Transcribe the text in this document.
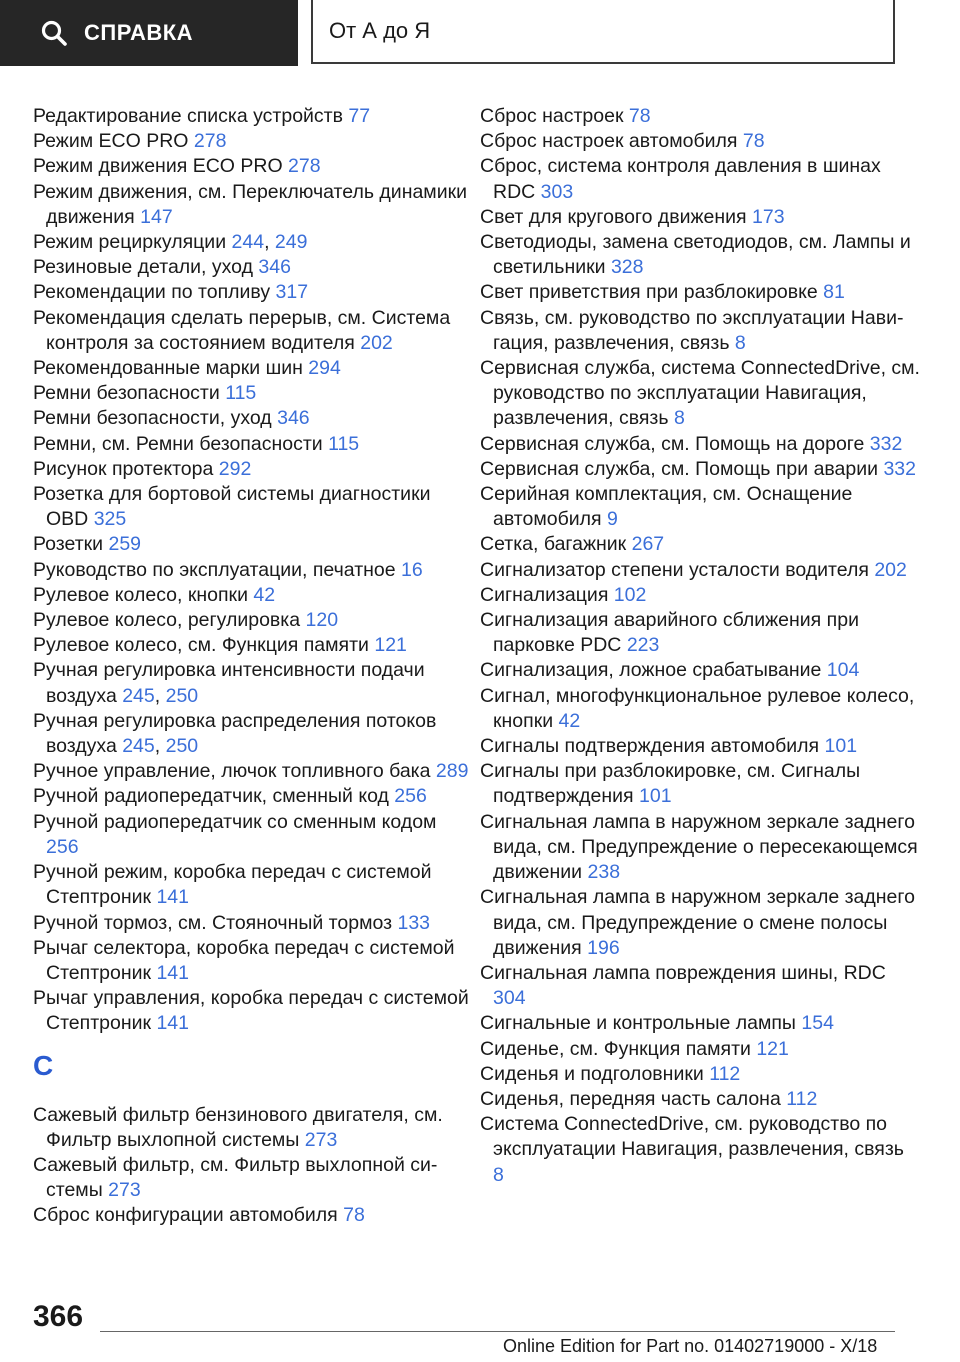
СПРАВКА	От А до Я
Редактирование списка устройств 77
Режим ECO PRO 278
Режим движения ECO PRO 278
Режим движения, см. Переключатель динамики движения 147
Режим рециркуляции 244, 249
Резиновые детали, уход 346
Рекомендации по топливу 317
Рекомендация сделать перерыв, см. Система контроля за состоянием водителя 202
Рекомендованные марки шин 294
Ремни безопасности 115
Ремни безопасности, уход 346
Ремни, см. Ремни безопасности 115
Рисунок протектора 292
Розетка для бортовой системы диагностики OBD 325
Розетки 259
Руководство по эксплуатации, печатное 16
Рулевое колесо, кнопки 42
Рулевое колесо, регулировка 120
Рулевое колесо, см. Функция памяти 121
Ручная регулировка интенсивности подачи воздуха 245, 250
Ручная регулировка распределения потоков воздуха 245, 250
Ручное управление, лючок топливного бака 289
Ручной радиопередатчик, сменный код 256
Ручной радиопередатчик со сменным кодом 256
Ручной режим, коробка передач с системой Стептроник 141
Ручной тормоз, см. Стояночный тормоз 133
Рычаг селектора, коробка передач с системой Стептроник 141
Рычаг управления, коробка передач с системой Стептроник 141
С
Сажевый фильтр бензинового двигателя, см. Фильтр выхлопной системы 273
Сажевый фильтр, см. Фильтр выхлопной системы 273
Сброс конфигурации автомобиля 78
Сброс настроек 78
Сброс настроек автомобиля 78
Сброс, система контроля давления в шинах RDC 303
Свет для кругового движения 173
Светодиоды, замена светодиодов, см. Лампы и светильники 328
Свет приветствия при разблокировке 81
Связь, см. руководство по эксплуатации Навигация, развлечения, связь 8
Сервисная служба, система ConnectedDrive, см. руководство по эксплуатации Навигация, развлечения, связь 8
Сервисная служба, см. Помощь на дороге 332
Сервисная служба, см. Помощь при аварии 332
Серийная комплектация, см. Оснащение автомобиля 9
Сетка, багажник 267
Сигнализатор степени усталости водителя 202
Сигнализация 102
Сигнализация аварийного сближения при парковке PDC 223
Сигнализация, ложное срабатывание 104
Сигнал, многофункциональное рулевое колесо, кнопки 42
Сигналы подтверждения автомобиля 101
Сигналы при разблокировке, см. Сигналы подтверждения 101
Сигнальная лампа в наружном зеркале заднего вида, см. Предупреждение о пересекающемся движении 238
Сигнальная лампа в наружном зеркале заднего вида, см. Предупреждение о смене полосы движения 196
Сигнальная лампа повреждения шины, RDC 304
Сигнальные и контрольные лампы 154
Сиденье, см. Функция памяти 121
Сиденья и подголовники 112
Сиденья, передняя часть салона 112
Система ConnectedDrive, см. руководство по эксплуатации Навигация, развлечения, связь 8
366
Online Edition for Part no. 01402719000 - X/18
